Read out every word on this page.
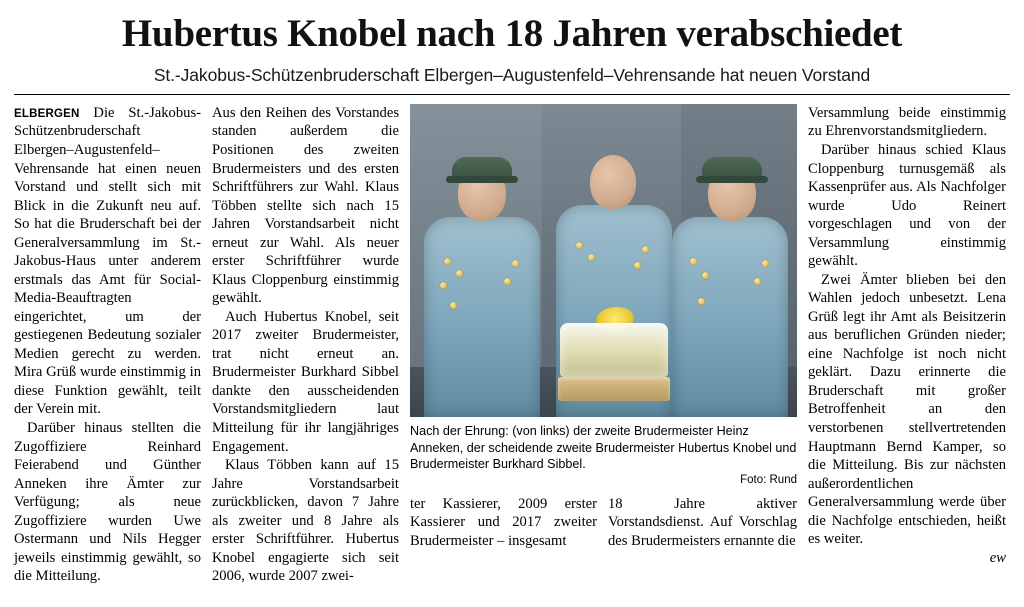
Hubertus Knobel nach 18 Jahren verabschiedet
St.-Jakobus-Schützenbruderschaft Elbergen–Augustenfeld–Vehrensande hat neuen Vorstand

ELBERGEN Die St.-Jakobus-Schützenbruderschaft Elbergen–Augustenfeld–Vehrensande hat einen neuen Vorstand und stellt sich mit Blick in die Zukunft neu auf. So hat die Bruderschaft bei der Generalversammlung im St.-Jakobus-Haus unter anderem erstmals das Amt für Social-Media-Beauftragten eingerichtet, um der gestiegenen Bedeutung sozialer Medien gerecht zu werden. Mira Grüß wurde einstimmig in diese Funktion gewählt, teilt der Verein mit.

Darüber hinaus stellten die Zugoffiziere Reinhard Feierabend und Günther Anneken ihre Ämter zur Verfügung; als neue Zugoffiziere wurden Uwe Ostermann und Nils Hegger jeweils einstimmig gewählt, so die Mitteilung.

Aus den Reihen des Vorstandes standen außerdem die Positionen des zweiten Brudermeisters und des ersten Schriftführers zur Wahl. Klaus Többen stellte sich nach 15 Jahren Vorstandsarbeit nicht erneut zur Wahl. Als neuer erster Schriftführer wurde Klaus Cloppenburg einstimmig gewählt.

Auch Hubertus Knobel, seit 2017 zweiter Brudermeister, trat nicht erneut an. Brudermeister Burkhard Sibbel dankte den ausscheidenden Vorstandsmitgliedern laut Mitteilung für ihr langjähriges Engagement.

Klaus Többen kann auf 15 Jahre Vorstandsarbeit zurückblicken, davon 7 Jahre als zweiter und 8 Jahre als erster Schriftführer. Hubertus Knobel engagierte sich seit 2006, wurde 2007 zwei-

Nach der Ehrung: (von links) der zweite Brudermeister Heinz Anneken, der scheidende zweite Brudermeister Hubertus Knobel und Brudermeister Burkhard Sibbel.
Foto: Rund

ter Kassierer, 2009 erster Kassierer und 2017 zweiter Brudermeister – insgesamt

18 Jahre aktiver Vorstandsdienst. Auf Vorschlag des Brudermeisters ernannte die

Versammlung beide einstimmig zu Ehrenvorstandsmitgliedern.

Darüber hinaus schied Klaus Cloppenburg turnusgemäß als Kassenprüfer aus. Als Nachfolger wurde Udo Reinert vorgeschlagen und von der Versammlung einstimmig gewählt.

Zwei Ämter blieben bei den Wahlen jedoch unbesetzt. Lena Grüß legt ihr Amt als Beisitzerin aus beruflichen Gründen nieder; eine Nachfolge ist noch nicht geklärt. Dazu erinnerte die Bruderschaft mit großer Betroffenheit an den verstorbenen stellvertretenden Hauptmann Bernd Kamper, so die Mitteilung. Bis zur nächsten außerordentlichen Generalversammlung werde über die Nachfolge entschieden, heißt es weiter.

ew
